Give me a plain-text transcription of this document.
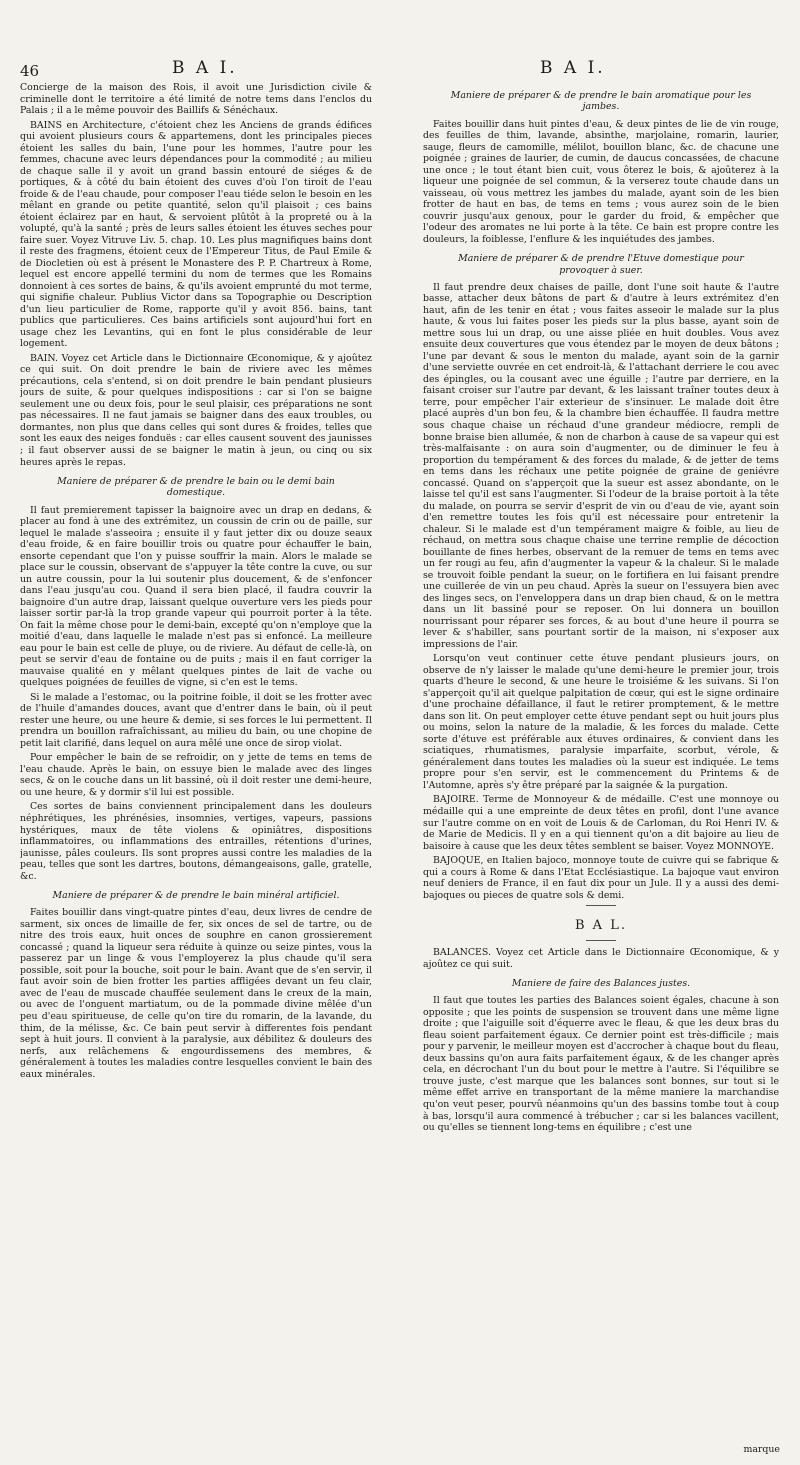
46	B A I.	B A I.

Concierge de la maison des Rois, il avoit une Jurisdiction civile & criminelle dont le territoire a été limité de notre tems dans l'enclos du Palais ; il a le même pouvoir des Baillifs & Sénéchaux.

BAINS en Architecture, c'étoient chez les Anciens de grands édifices qui avoient plusieurs cours & appartemens, dont les principales pieces étoient les salles du bain, l'une pour les hommes, l'autre pour les femmes, chacune avec leurs dépendances pour la commodité ; au milieu de chaque salle il y avoit un grand bassin entouré de siéges & de portiques, & à côté du bain étoient des cuves d'où l'on tiroit de l'eau froide & de l'eau chaude, pour composer l'eau tiéde selon le besoin en les mêlant en grande ou petite quantité, selon qu'il plaisoit ; ces bains étoient éclairez par en haut, & servoient plûtôt à la propreté ou à la volupté, qu'à la santé ; près de leurs salles étoient les étuves seches pour faire suer. Voyez Vitruve Liv. 5. chap. 10. Les plus magnifiques bains dont il reste des fragmens, étoient ceux de l'Empereur Titus, de Paul Emile & de Diocletien où est à présent le Monastere des P. P. Chartreux à Rome, lequel est encore appellé termini du nom de termes que les Romains donnoient à ces sortes de bains, & qu'ils avoient emprunté du mot terme, qui signifie chaleur. Publius Victor dans sa Topographie ou Description d'un lieu particulier de Rome, rapporte qu'il y avoit 856. bains, tant publics que particulieres. Ces bains artificiels sont aujourd'hui fort en usage chez les Levantins, qui en font le plus considérable de leur logement.

BAIN. Voyez cet Article dans le Dictionnaire Œconomique, & y ajoûtez ce qui suit. On doit prendre le bain de riviere avec les mêmes précautions, cela s'entend, si on doit prendre le bain pendant plusieurs jours de suite, & pour quelques indispositions : car si l'on se baigne seulement une ou deux fois, pour le seul plaisir, ces préparations ne sont pas nécessaires. Il ne faut jamais se baigner dans des eaux troubles, ou dormantes, non plus que dans celles qui sont dures & froides, telles que sont les eaux des neiges fonduës : car elles causent souvent des jaunisses ; il faut observer aussi de se baigner le matin à jeun, ou cinq ou six heures après le repas.

Maniere de préparer & de prendre le bain ou le demi bain domestique.

Il faut premierement tapisser la baignoire avec un drap en dedans, & placer au fond à une des extrémitez, un coussin de crin ou de paille, sur lequel le malade s'asseoira ; ensuite il y faut jetter dix ou douze seaux d'eau froide, & en faire bouillir trois ou quatre pour échauffer le bain, ensorte cependant que l'on y puisse souffrir la main. Alors le malade se place sur le coussin, observant de s'appuyer la tête contre la cuve, ou sur un autre coussin, pour la lui soutenir plus doucement, & de s'enfoncer dans l'eau jusqu'au cou. Quand il sera bien placé, il faudra couvrir la baignoire d'un autre drap, laissant quelque ouverture vers les pieds pour laisser sortir par-là la trop grande vapeur qui pourroit porter à la tête. On fait la même chose pour le demi-bain, excepté qu'on n'employe que la moitié d'eau, dans laquelle le malade n'est pas si enfoncé. La meilleure eau pour le bain est celle de pluye, ou de riviere. Au défaut de celle-là, on peut se servir d'eau de fontaine ou de puits ; mais il en faut corriger la mauvaise qualité en y mêlant quelques pintes de lait de vache ou quelques poignées de feuilles de vigne, si c'en est le tems.

Si le malade a l'estomac, ou la poitrine foible, il doit se les frotter avec de l'huile d'amandes douces, avant que d'entrer dans le bain, où il peut rester une heure, ou une heure & demie, si ses forces le lui permettent. Il prendra un bouillon rafraîchissant, au milieu du bain, ou une chopine de petit lait clarifié, dans lequel on aura mêlé une once de sirop violat.

Pour empêcher le bain de se refroidir, on y jette de tems en tems de l'eau chaude. Après le bain, on essuye bien le malade avec des linges secs, & on le couche dans un lit bassiné, où il doit rester une demi-heure, ou une heure, & y dormir s'il lui est possible.

Ces sortes de bains conviennent principalement dans les douleurs néphrétiques, les phrénésies, insomnies, vertiges, vapeurs, passions hystériques, maux de tête violens & opiniâtres, dispositions inflammatoires, ou inflammations des entrailles, rétentions d'urines, jaunisse, pâles couleurs. Ils sont propres aussi contre les maladies de la peau, telles que sont les dartres, boutons, démangeaisons, galle, gratelle, &c.

Maniere de préparer & de prendre le bain minéral artificiel.

Faites bouillir dans vingt-quatre pintes d'eau, deux livres de cendre de sarment, six onces de limaille de fer, six onces de sel de tartre, ou de nitre des trois eaux, huit onces de souphre en canon grossierement concassé ; quand la liqueur sera réduite à quinze ou seize pintes, vous la passerez par un linge & vous l'employerez la plus chaude qu'il sera possible, soit pour la bouche, soit pour le bain. Avant que de s'en servir, il faut avoir soin de bien frotter les parties affligées devant un feu clair, avec de l'eau de muscade chauffée seulement dans le creux de la main, ou avec de l'onguent martiatum, ou de la pommade divine mêlée d'un peu d'eau spiritueuse, de celle qu'on tire du romarin, de la lavande, du thim, de la mélisse, &c. Ce bain peut servir à differentes fois pendant sept à huit jours. Il convient à la paralysie, aux débilitez & douleurs des nerfs, aux relâchemens & engourdissemens des membres, & généralement à toutes les maladies contre lesquelles convient le bain des eaux minérales.

Maniere de préparer & de prendre le bain aromatique pour les jambes.

Faites bouillir dans huit pintes d'eau, & deux pintes de lie de vin rouge, des feuilles de thim, lavande, absinthe, marjolaine, romarin, laurier, sauge, fleurs de camomille, mélilot, bouillon blanc, &c. de chacune une poignée ; graines de laurier, de cumin, de daucus concassées, de chacune une once ; le tout étant bien cuit, vous ôterez le bois, & ajoûterez à la liqueur une poignée de sel commun, & la verserez toute chaude dans un vaisseau, où vous mettrez les jambes du malade, ayant soin de les bien frotter de haut en bas, de tems en tems ; vous aurez soin de le bien couvrir jusqu'aux genoux, pour le garder du froid, & empêcher que l'odeur des aromates ne lui porte à la tête. Ce bain est propre contre les douleurs, la foiblesse, l'enflure & les inquiétudes des jambes.

Maniere de préparer & de prendre l'Etuve domestique pour provoquer à suer.

Il faut prendre deux chaises de paille, dont l'une soit haute & l'autre basse, attacher deux bâtons de part & d'autre à leurs extrémitez d'en haut, afin de les tenir en état ; vous faites asseoir le malade sur la plus haute, & vous lui faites poser les pieds sur la plus basse, ayant soin de mettre sous lui un drap, ou une aisse pliée en huit doubles. Vous avez ensuite deux couvertures que vous étendez par le moyen de deux bâtons ; l'une par devant & sous le menton du malade, ayant soin de la garnir d'une serviette ouvrée en cet endroit-là, & l'attachant derriere le cou avec des épingles, ou la cousant avec une éguille ; l'autre par derriere, en la faisant croiser sur l'autre par devant, & les laissant traîner toutes deux à terre, pour empêcher l'air exterieur de s'insinuer. Le malade doit être placé auprès d'un bon feu, & la chambre bien échauffée. Il faudra mettre sous chaque chaise un réchaud d'une grandeur médiocre, rempli de bonne braise bien allumée, & non de charbon à cause de sa vapeur qui est très-malfaisante : on aura soin d'augmenter, ou de diminuer le feu à proportion du tempérament & des forces du malade, & de jetter de tems en tems dans les réchaux une petite poignée de graine de geniévre concassé. Quand on s'apperçoit que la sueur est assez abondante, on le laisse tel qu'il est sans l'augmenter. Si l'odeur de la braise portoit à la tête du malade, on pourra se servir d'esprit de vin ou d'eau de vie, ayant soin d'en remettre toutes les fois qu'il est nécessaire pour entretenir la chaleur. Si le malade est d'un tempérament maigre & foible, au lieu de réchaud, on mettra sous chaque chaise une terrine remplie de décoction bouillante de fines herbes, observant de la remuer de tems en tems avec un fer rougi au feu, afin d'augmenter la vapeur & la chaleur. Si le malade se trouvoit foible pendant la sueur, on le fortifiera en lui faisant prendre une cuillerée de vin un peu chaud. Après la sueur on l'essuyera bien avec des linges secs, on l'enveloppera dans un drap bien chaud, & on le mettra dans un lit bassiné pour se reposer. On lui donnera un bouillon nourrissant pour réparer ses forces, & au bout d'une heure il pourra se lever & s'habiller, sans pourtant sortir de la maison, ni s'exposer aux impressions de l'air.

Lorsqu'on veut continuer cette étuve pendant plusieurs jours, on observe de n'y laisser le malade qu'une demi-heure le premier jour, trois quarts d'heure le second, & une heure le troisiéme & les suivans. Si l'on s'apperçoit qu'il ait quelque palpitation de cœur, qui est le signe ordinaire d'une prochaine défaillance, il faut le retirer promptement, & le mettre dans son lit. On peut employer cette étuve pendant sept ou huit jours plus ou moins, selon la nature de la maladie, & les forces du malade. Cette sorte d'étuve est préférable aux étuves ordinaires, & convient dans les sciatiques, rhumatismes, paralysie imparfaite, scorbut, vérole, & généralement dans toutes les maladies où la sueur est indiquée. Le tems propre pour s'en servir, est le commencement du Printems & de l'Automne, après s'y être préparé par la saignée & la purgation.

BAJOIRE. Terme de Monnoyeur & de médaille. C'est une monnoye ou médaille qui a une empreinte de deux têtes en profil, dont l'une avance sur l'autre comme on en voit de Louis & de Carloman, du Roi Henri IV. & de Marie de Medicis. Il y en a qui tiennent qu'on a dit bajoire au lieu de baisoire à cause que les deux têtes semblent se baiser. Voyez MONNOYE.

BAJOQUE, en Italien bajoco, monnoye toute de cuivre qui se fabrique & qui a cours à Rome & dans l'Etat Ecclésiastique. La bajoque vaut environ neuf deniers de France, il en faut dix pour un Jule. Il y a aussi des demi-bajoques ou pieces de quatre sols & demi.

B A L.

BALANCES. Voyez cet Article dans le Dictionnaire Œconomique, & y ajoûtez ce qui suit.

Maniere de faire des Balances justes.

Il faut que toutes les parties des Balances soient égales, chacune à son opposite ; que les points de suspension se trouvent dans une même ligne droite ; que l'aiguille soit d'équerre avec le fleau, & que les deux bras du fleau soient parfaitement égaux. Ce dernier point est très-difficile ; mais pour y parvenir, le meilleur moyen est d'accrocher à chaque bout du fleau, deux bassins qu'on aura faits parfaitement égaux, & de les changer après cela, en décrochant l'un du bout pour le mettre à l'autre. Si l'équilibre se trouve juste, c'est marque que les balances sont bonnes, sur tout si le même effet arrive en transportant de la même maniere la marchandise qu'on veut peser, pourvû néanmoins qu'un des bassins tombe tout à coup à bas, lorsqu'il aura commencé à trébucher ; car si les balances vacillent, ou qu'elles se tiennent long-tems en équilibre ; c'est une

marque
